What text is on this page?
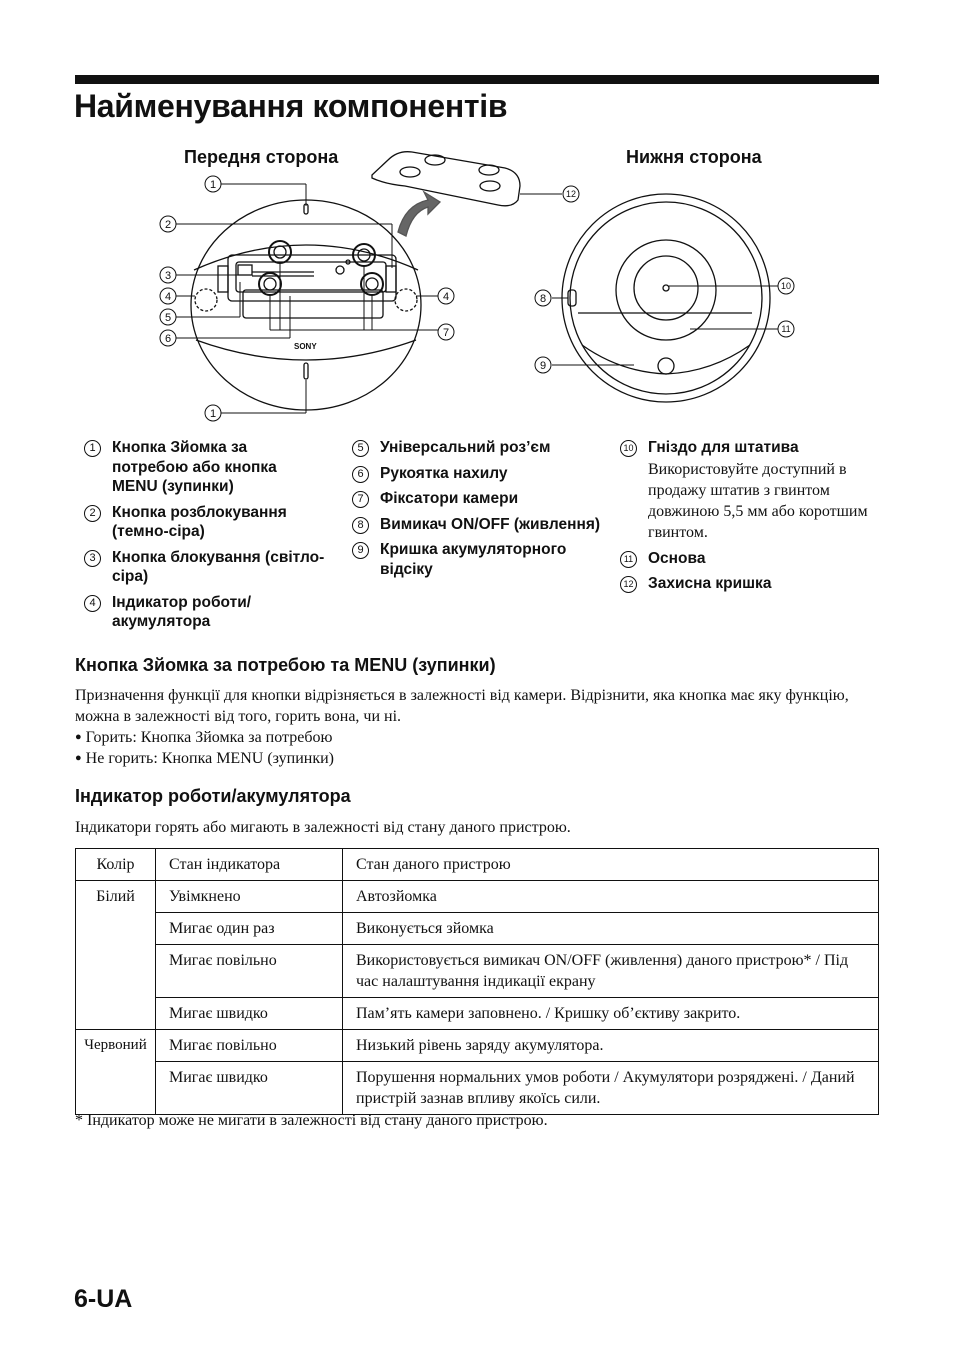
Найменування компонентів
Передня сторона	Нижня сторона
SONY
1
2
3
4
5
6
1
4
7
12
8
9
10
11
1	Кнопка Зйомка за потребою або кнопка MENU (зупинки)
2	Кнопка розблокування (темно-сіра)
3	Кнопка блокування (світло-сіра)
4	Індикатор роботи/ акумулятора
5	Універсальний роз’єм
6	Рукоятка нахилу
7	Фіксатори камери
8	Вимикач ON/OFF (живлення)
9	Кришка акумуляторного відсіку
10 Гніздо для штатива
Використовуйте доступний в продажу штатив з гвинтом довжиною 5,5 мм або коротшим гвинтом.
11 Основа
12 Захисна кришка
Кнопка Зйомка за потребою та MENU (зупинки)
Призначення функції для кнопки відрізняється в залежності від камери. Відрізнити, яка кнопка має яку функцію, можна в залежності від того, горить вона, чи ні.
● Горить: Кнопка Зйомка за потребою
● Не горить: Кнопка MENU (зупинки)
Індикатор роботи/акумулятора
Індикатори горять або мигають в залежності від стану даного пристрою.
Колір	Стан індикатора	Стан даного пристрою
Білий	Увімкнено	Автозйомка
	Мигає один раз	Виконується зйомка
	Мигає повільно	Використовується вимикач ON/OFF (живлення) даного пристрою* / Під час налаштування індикації екрану
	Мигає швидко	Пам’ять камери заповнено. / Кришку об’єктиву закрито.
Червоний	Мигає повільно	Низький рівень заряду акумулятора.
	Мигає швидко	Порушення нормальних умов роботи / Акумулятори розряджені. / Даний пристрій зазнав впливу якоїсь сили.
* Індикатор може не мигати в залежності від стану даного пристрою.
6-UA
